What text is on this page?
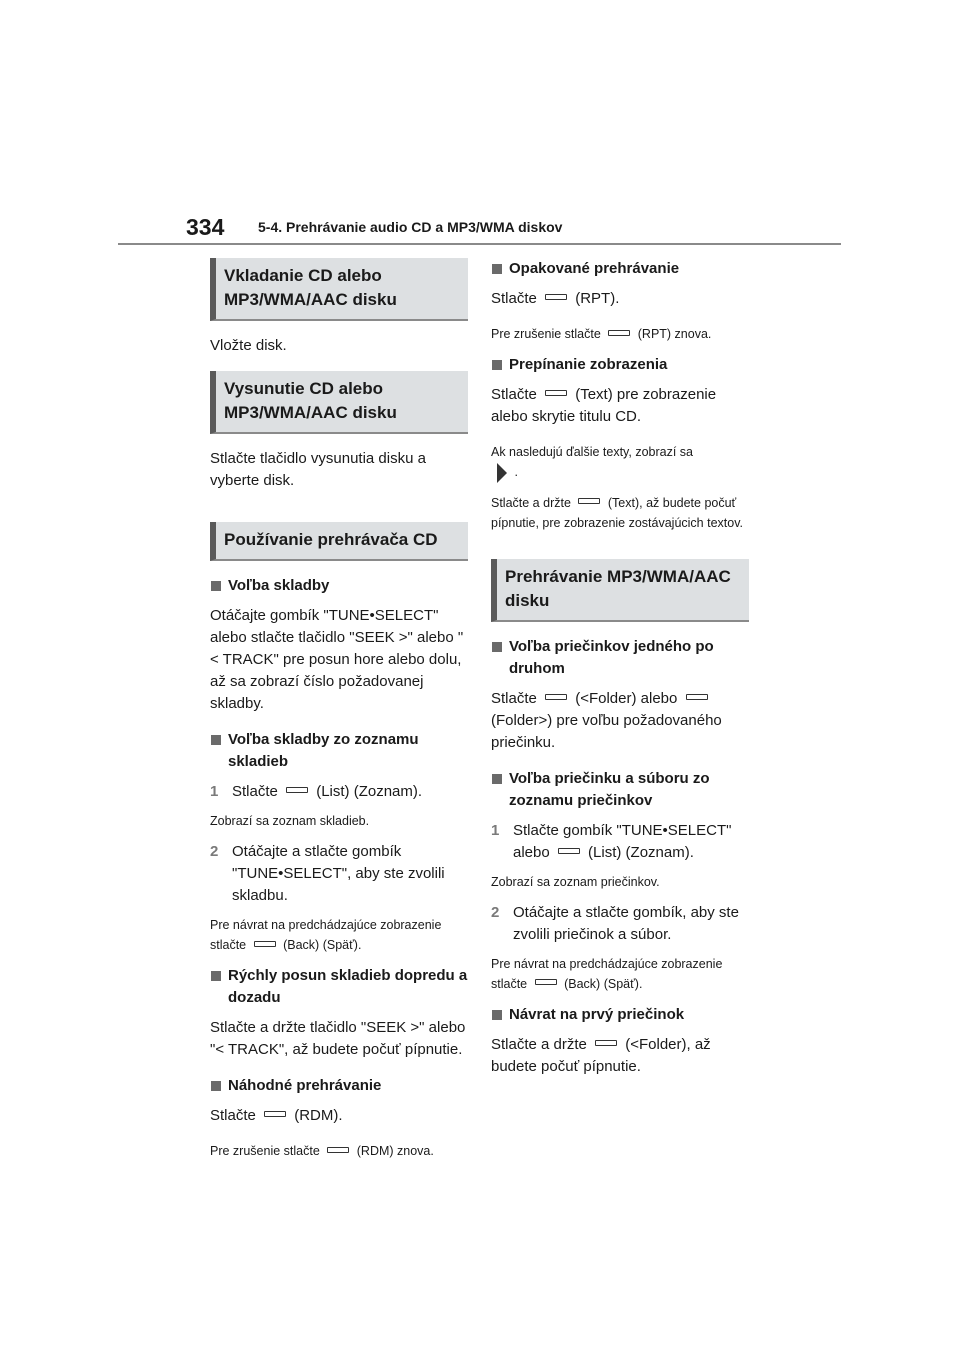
334 5-4. Prehrávanie audio CD a MP3/WMA diskov
Vkladanie CD alebo MP3/WMA/AAC disku

Vložte disk.

Vysunutie CD alebo MP3/WMA/AAC disku

Stlačte tlačidlo vysunutia disku a vyberte disk.

Používanie prehrávača CD
Voľba skladby

Otáčajte gombík "TUNE•SELECT" alebo stlačte tlačidlo "SEEK >" alebo "< TRACK" pre posun hore alebo dolu, až sa zobrazí číslo požadovanej skladby.

Voľba skladby zo zoznamu skladieb
1 Stlačte	(List) (Zoznam).

Zobrazí sa zoznam skladieb.

2 Otáčajte a stlačte gombík "TUNE•SELECT", aby ste zvolili skladbu.

Pre návrat na predchádzajúce zobrazenie stlačte	(Back) (Späť).

Rýchly posun skladieb dopredu a dozadu

Stlačte a držte tlačidlo "SEEK >" alebo "< TRACK", až budete počuť pípnutie.

Náhodné prehrávanie

Stlačte	(RDM).

Pre zrušenie stlačte	(RDM) znova.

Opakované prehrávanie

Stlačte	(RPT).

Pre zrušenie stlačte	(RPT) znova.

Prepínanie zobrazenia

Stlačte	(Text) pre zobrazenie alebo skrytie titulu CD.

Ak nasledujú ďalšie texty, zobrazí sa
.

Stlačte a držte	(Text), až budete počuť pípnutie, pre zobrazenie zostávajúcich textov.

Prehrávanie MP3/WMA/AAC disku
Voľba priečinkov jedného po druhom

Stlačte	(<Folder) alebo  (Folder>) pre voľbu požadovaného priečinku.

Voľba priečinku a súboru zo zoznamu priečinkov
1 Stlačte gombík "TUNE•SELECT" alebo	(List) (Zoznam).

Zobrazí sa zoznam priečinkov.

2 Otáčajte a stlačte gombík, aby ste zvolili priečinok a súbor.

Pre návrat na predchádzajúce zobrazenie stlačte	(Back) (Späť).

Návrat na prvý priečinok

Stlačte a držte	(<Folder), až budete počuť pípnutie.
